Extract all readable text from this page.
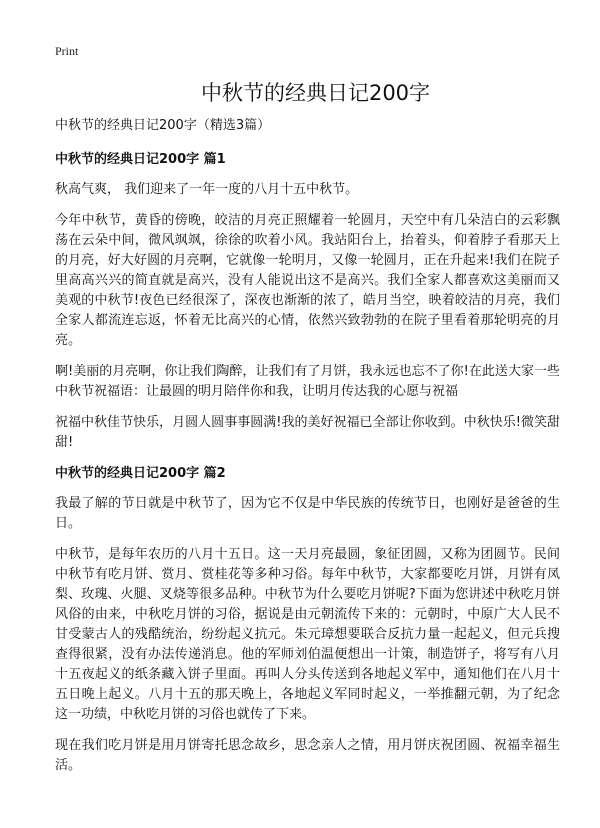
Print
中秋节的经典日记200字
中秋节的经典日记200字（精选3篇）
中秋节的经典日记200字 篇1

秋高气爽， 我们迎来了一年一度的八月十五中秋节。

今年中秋节，黄昏的傍晚，皎洁的月亮正照耀着一轮圆月，天空中有几朵洁白的云彩飘荡在云朵中间，微风飒飒，徐徐的吹着小风。我站阳台上，抬着头，仰着脖子看那天上的月亮，好大好圆的月亮啊，它就像一轮明月，又像一轮圆月，正在升起来!我们在院子里高高兴兴的简直就是高兴，没有人能说出这不是高兴。我们全家人都喜欢这美丽而又美观的中秋节!夜色已经很深了，深夜也渐渐的浓了，皓月当空，映着皎洁的月亮，我们全家人都流连忘返，怀着无比高兴的心情，依然兴致勃勃的在院子里看着那轮明亮的月亮。

啊!美丽的月亮啊，你让我们陶醉，让我们有了月饼，我永远也忘不了你!在此送大家一些中秋节祝福语：让最圆的明月陪伴你和我，让明月传达我的心愿与祝福

祝福中秋佳节快乐，月圆人圆事事圆满!我的美好祝福已全部让你收到。中秋快乐!微笑甜甜!

中秋节的经典日记200字 篇2

我最了解的节日就是中秋节了，因为它不仅是中华民族的传统节日，也刚好是爸爸的生日。

中秋节，是每年农历的八月十五日。这一天月亮最圆，象征团圆，又称为团圆节。民间中秋节有吃月饼、赏月、赏桂花等多种习俗。每年中秋节，大家都要吃月饼，月饼有凤梨、玫瑰、火腿、叉烧等很多品种。中秋节为什么要吃月饼呢?下面为您讲述中秋吃月饼风俗的由来，中秋吃月饼的习俗，据说是由元朝流传下来的：元朝时，中原广大人民不甘受蒙古人的残酷统治，纷纷起义抗元。朱元璋想要联合反抗力量一起起义，但元兵搜查得很紧，没有办法传递消息。他的军师刘伯温便想出一计策，制造饼子，将写有八月十五夜起义的纸条藏入饼子里面。再叫人分头传送到各地起义军中，通知他们在八月十五日晚上起义。八月十五的那天晚上，各地起义军同时起义，一举推翻元朝，为了纪念这一功绩，中秋吃月饼的习俗也就传了下来。

现在我们吃月饼是用月饼寄托思念故乡，思念亲人之情，用月饼庆祝团圆、祝福幸福生活。
